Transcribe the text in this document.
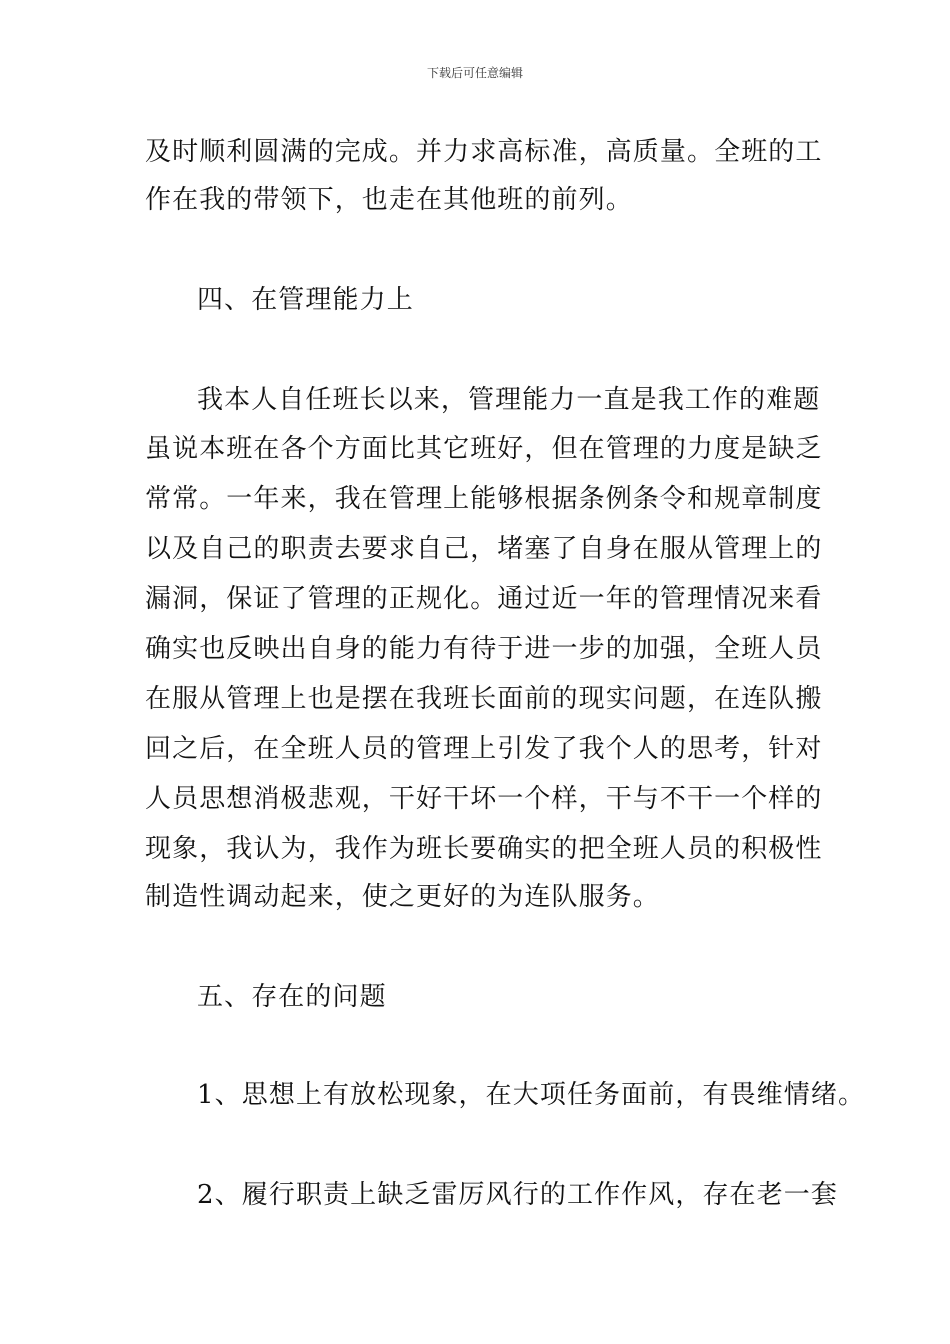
下载后可任意编辑
及时顺利圆满的完成。并力求高标准，高质量。全班的工
作在我的带领下，也走在其他班的前列。
四、在管理能力上
我本人自任班长以来，管理能力一直是我工作的难题
虽说本班在各个方面比其它班好，但在管理的力度是缺乏
常常。一年来，我在管理上能够根据条例条令和规章制度
以及自己的职责去要求自己，堵塞了自身在服从管理上的
漏洞，保证了管理的正规化。通过近一年的管理情况来看
确实也反映出自身的能力有待于进一步的加强，全班人员
在服从管理上也是摆在我班长面前的现实问题，在连队搬
回之后，在全班人员的管理上引发了我个人的思考，针对
人员思想消极悲观，干好干坏一个样，干与不干一个样的
现象，我认为，我作为班长要确实的把全班人员的积极性
制造性调动起来，使之更好的为连队服务。
五、存在的问题
1、思想上有放松现象，在大项任务面前，有畏维情绪。
2、履行职责上缺乏雷厉风行的工作作风，存在老一套
